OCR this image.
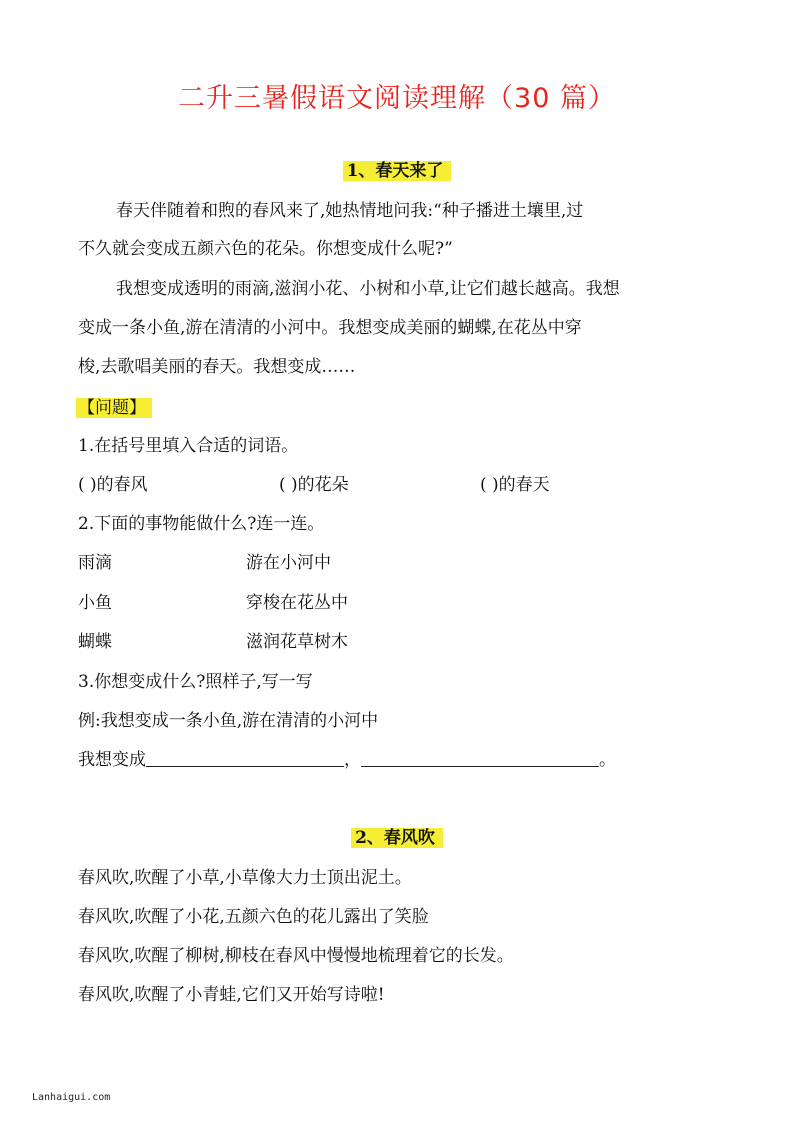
二升三暑假语文阅读理解（30 篇）
1、春天来了
春天伴随着和煦的春风来了,她热情地问我:“种子播进土壤里,过
不久就会变成五颜六色的花朵。你想变成什么呢?”
我想变成透明的雨滴,滋润小花、小树和小草,让它们越长越高。我想
变成一条小鱼,游在清清的小河中。我想变成美丽的蝴蝶,在花丛中穿
梭,去歌唱美丽的春天。我想变成……
【问题】
1.在括号里填入合适的词语。
( )的春风	( )的花朵	( )的春天
2.下面的事物能做什么?连一连。
雨滴	游在小河中
小鱼	穿梭在花丛中
蝴蝶	滋润花草树木
3.你想变成什么?照样子,写一写
例:我想变成一条小鱼,游在清清的小河中
我想变成	，	。
2、春风吹
春风吹,吹醒了小草,小草像大力士顶出泥土。
春风吹,吹醒了小花,五颜六色的花儿露出了笑脸
春风吹,吹醒了柳树,柳枝在春风中慢慢地梳理着它的长发。
春风吹,吹醒了小青蛙,它们又开始写诗啦!
Lanhaigui.com
